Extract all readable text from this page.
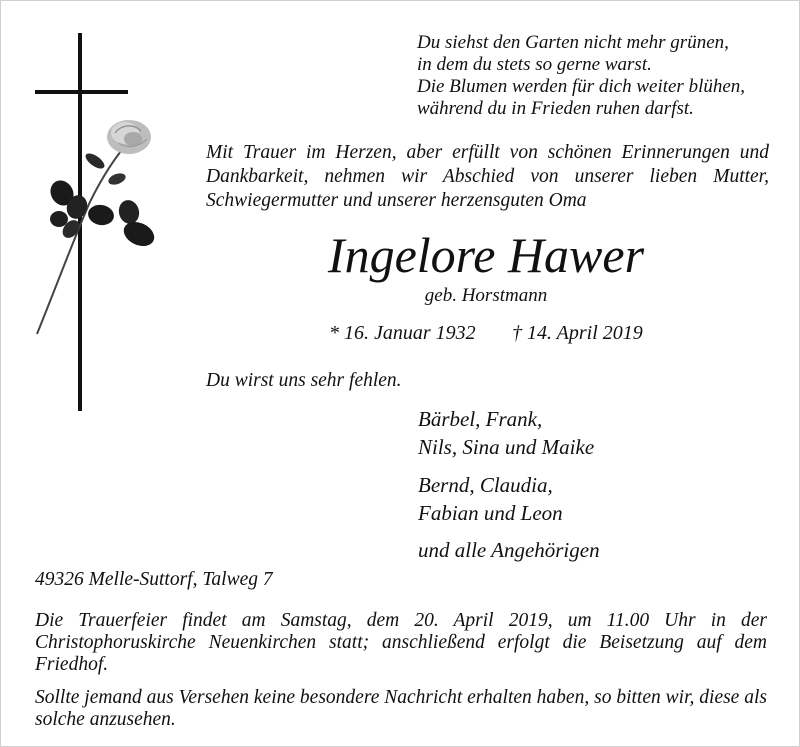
Du siehst den Garten nicht mehr grünen,
in dem du stets so gerne warst.
Die Blumen werden für dich weiter blühen,
während du in Frieden ruhen darfst.

Mit Trauer im Herzen, aber erfüllt von schönen Erinnerungen und Dankbarkeit, nehmen wir Abschied von unserer lieben Mutter, Schwiegermutter und unserer herzensguten Oma

Ingelore Hawer
geb. Horstmann
* 16. Januar 1932 † 14. April 2019
Du wirst uns sehr fehlen.
Bärbel, Frank,
Nils, Sina und Maike
Bernd, Claudia,
Fabian und Leon
und alle Angehörigen
49326 Melle-Suttorf, Talweg 7

Die Trauerfeier findet am Samstag, dem 20. April 2019, um 11.00 Uhr in der Christophoruskirche Neuenkirchen statt; anschließend erfolgt die Beisetzung auf dem Friedhof.

Sollte jemand aus Versehen keine besondere Nachricht erhalten haben, so bitten wir, diese als solche anzusehen.
